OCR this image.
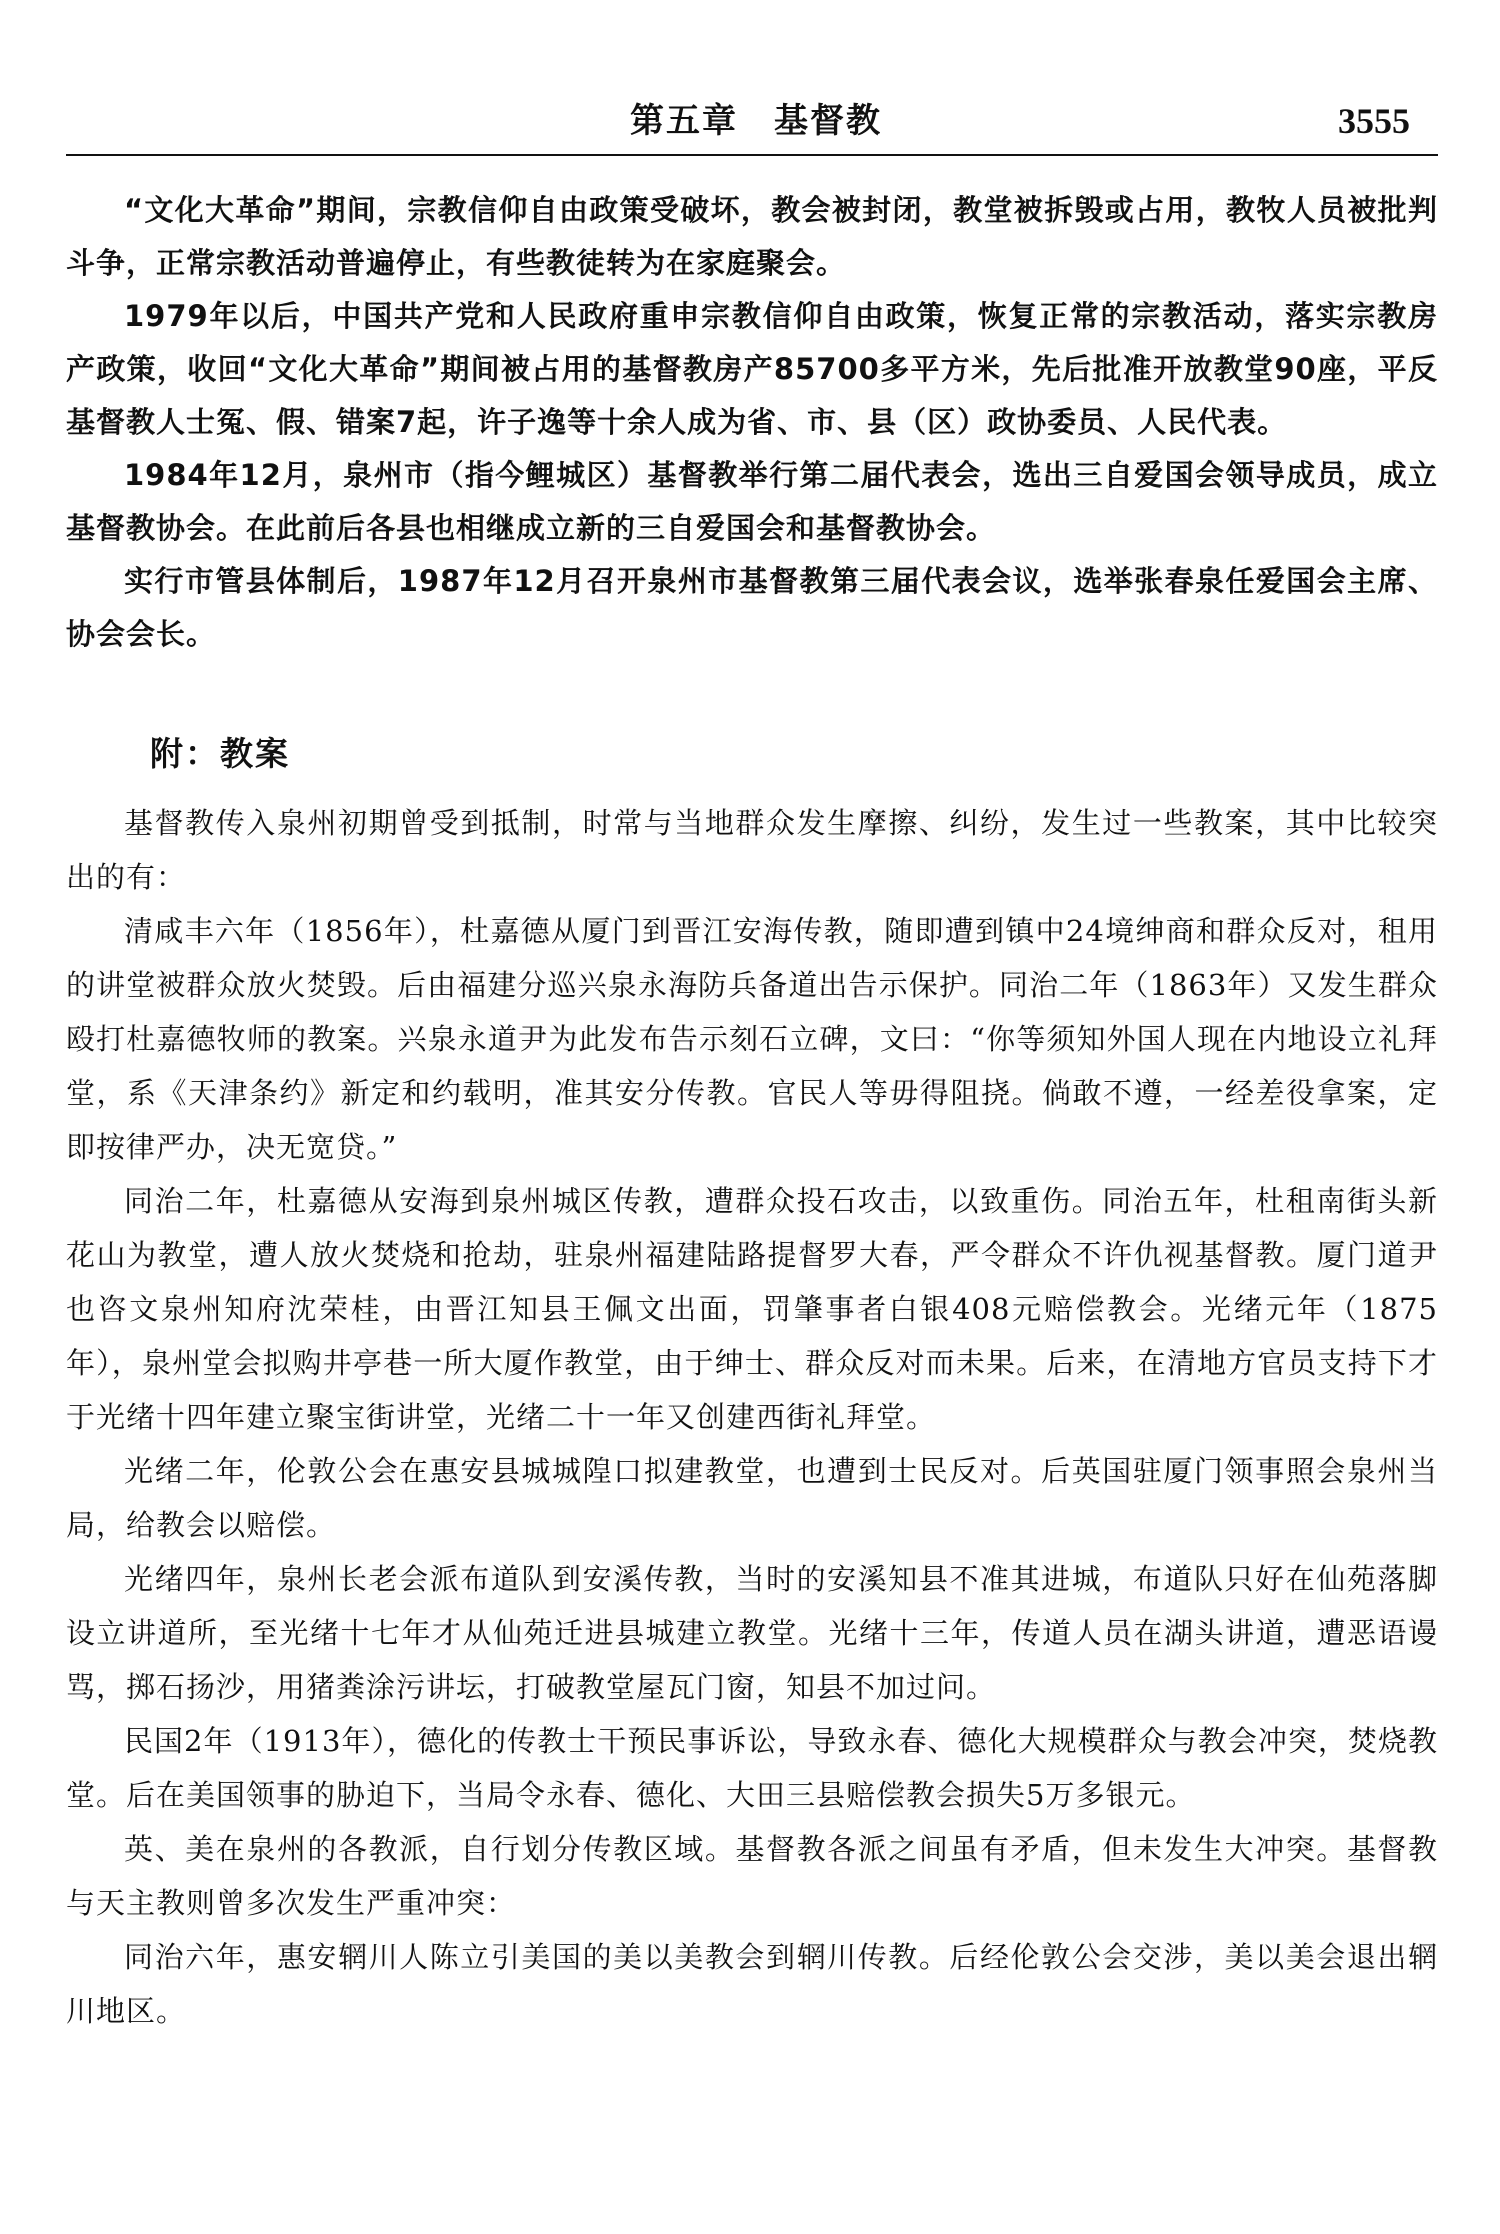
第五章　基督教	3555

“文化大革命”期间，宗教信仰自由政策受破坏，教会被封闭，教堂被拆毁或占用，教牧人员被批判斗争，正常宗教活动普遍停止，有些教徒转为在家庭聚会。

1979年以后，中国共产党和人民政府重申宗教信仰自由政策，恢复正常的宗教活动，落实宗教房产政策，收回“文化大革命”期间被占用的基督教房产85700多平方米，先后批准开放教堂90座，平反基督教人士冤、假、错案7起，许子逸等十余人成为省、市、县（区）政协委员、人民代表。

1984年12月，泉州市（指今鲤城区）基督教举行第二届代表会，选出三自爱国会领导成员，成立基督教协会。在此前后各县也相继成立新的三自爱国会和基督教协会。

实行市管县体制后，1987年12月召开泉州市基督教第三届代表会议，选举张春泉任爱国会主席、协会会长。

附：教案

基督教传入泉州初期曾受到抵制，时常与当地群众发生摩擦、纠纷，发生过一些教案，其中比较突出的有：

清咸丰六年（1856年），杜嘉德从厦门到晋江安海传教，随即遭到镇中24境绅商和群众反对，租用的讲堂被群众放火焚毁。后由福建分巡兴泉永海防兵备道出告示保护。同治二年（1863年）又发生群众殴打杜嘉德牧师的教案。兴泉永道尹为此发布告示刻石立碑，文曰：“你等须知外国人现在内地设立礼拜堂，系《天津条约》新定和约载明，准其安分传教。官民人等毋得阻挠。倘敢不遵，一经差役拿案，定即按律严办，决无宽贷。”

同治二年，杜嘉德从安海到泉州城区传教，遭群众投石攻击，以致重伤。同治五年，杜租南街头新花山为教堂，遭人放火焚烧和抢劫，驻泉州福建陆路提督罗大春，严令群众不许仇视基督教。厦门道尹也咨文泉州知府沈荣桂，由晋江知县王佩文出面，罚肇事者白银408元赔偿教会。光绪元年（1875年），泉州堂会拟购井亭巷一所大厦作教堂，由于绅士、群众反对而未果。后来，在清地方官员支持下才于光绪十四年建立聚宝街讲堂，光绪二十一年又创建西街礼拜堂。

光绪二年，伦敦公会在惠安县城城隍口拟建教堂，也遭到士民反对。后英国驻厦门领事照会泉州当局，给教会以赔偿。

光绪四年，泉州长老会派布道队到安溪传教，当时的安溪知县不准其进城，布道队只好在仙苑落脚设立讲道所，至光绪十七年才从仙苑迁进县城建立教堂。光绪十三年，传道人员在湖头讲道，遭恶语谩骂，掷石扬沙，用猪粪涂污讲坛，打破教堂屋瓦门窗，知县不加过问。

民国2年（1913年），德化的传教士干预民事诉讼，导致永春、德化大规模群众与教会冲突，焚烧教堂。后在美国领事的胁迫下，当局令永春、德化、大田三县赔偿教会损失5万多银元。

英、美在泉州的各教派，自行划分传教区域。基督教各派之间虽有矛盾，但未发生大冲突。基督教与天主教则曾多次发生严重冲突：

同治六年，惠安辋川人陈立引美国的美以美教会到辋川传教。后经伦敦公会交涉，美以美会退出辋川地区。
